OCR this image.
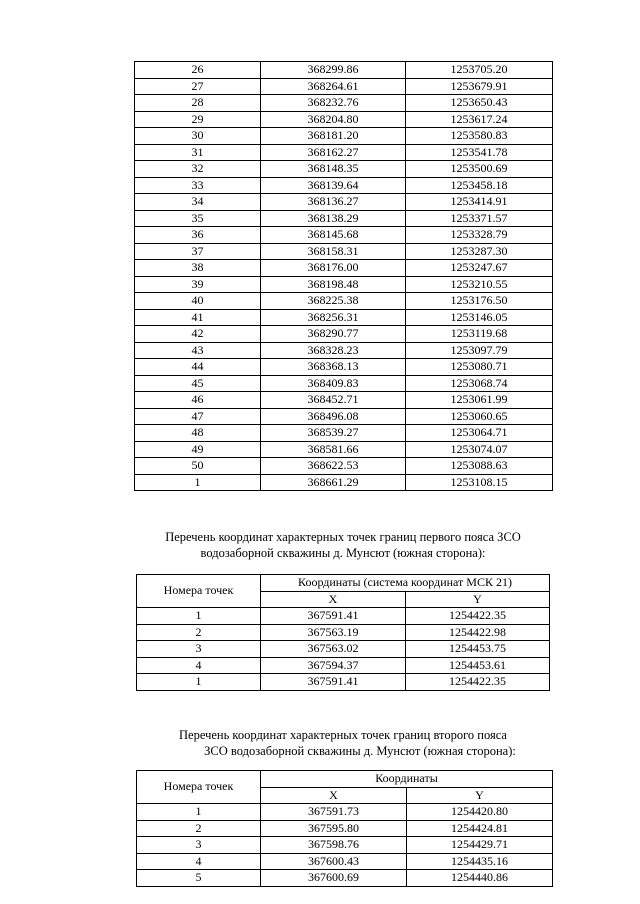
26	368299.86	1253705.20
27	368264.61	1253679.91
28	368232.76	1253650.43
29	368204.80	1253617.24
30	368181.20	1253580.83
31	368162.27	1253541.78
32	368148.35	1253500.69
33	368139.64	1253458.18
34	368136.27	1253414.91
35	368138.29	1253371.57
36	368145.68	1253328.79
37	368158.31	1253287.30
38	368176.00	1253247.67
39	368198.48	1253210.55
40	368225.38	1253176.50
41	368256.31	1253146.05
42	368290.77	1253119.68
43	368328.23	1253097.79
44	368368.13	1253080.71
45	368409.83	1253068.74
46	368452.71	1253061.99
47	368496.08	1253060.65
48	368539.27	1253064.71
49	368581.66	1253074.07
50	368622.53	1253088.63
1	368661.29	1253108.15
Перечень координат характерных точек границ первого пояса ЗСО
водозаборной скважины д. Мунсют (южная сторона):
Номера точек	Координаты (система координат МСК 21)	
	X	Y
1	367591.41	1254422.35
2	367563.19	1254422.98
3	367563.02	1254453.75
4	367594.37	1254453.61
1	367591.41	1254422.35
Перечень координат характерных точек границ второго пояса
ЗСО водозаборной скважины д. Мунсют (южная сторона):
Номера точек	Координаты	
	X	Y
1	367591.73	1254420.80
2	367595.80	1254424.81
3	367598.76	1254429.71
4	367600.43	1254435.16
5	367600.69	1254440.86
